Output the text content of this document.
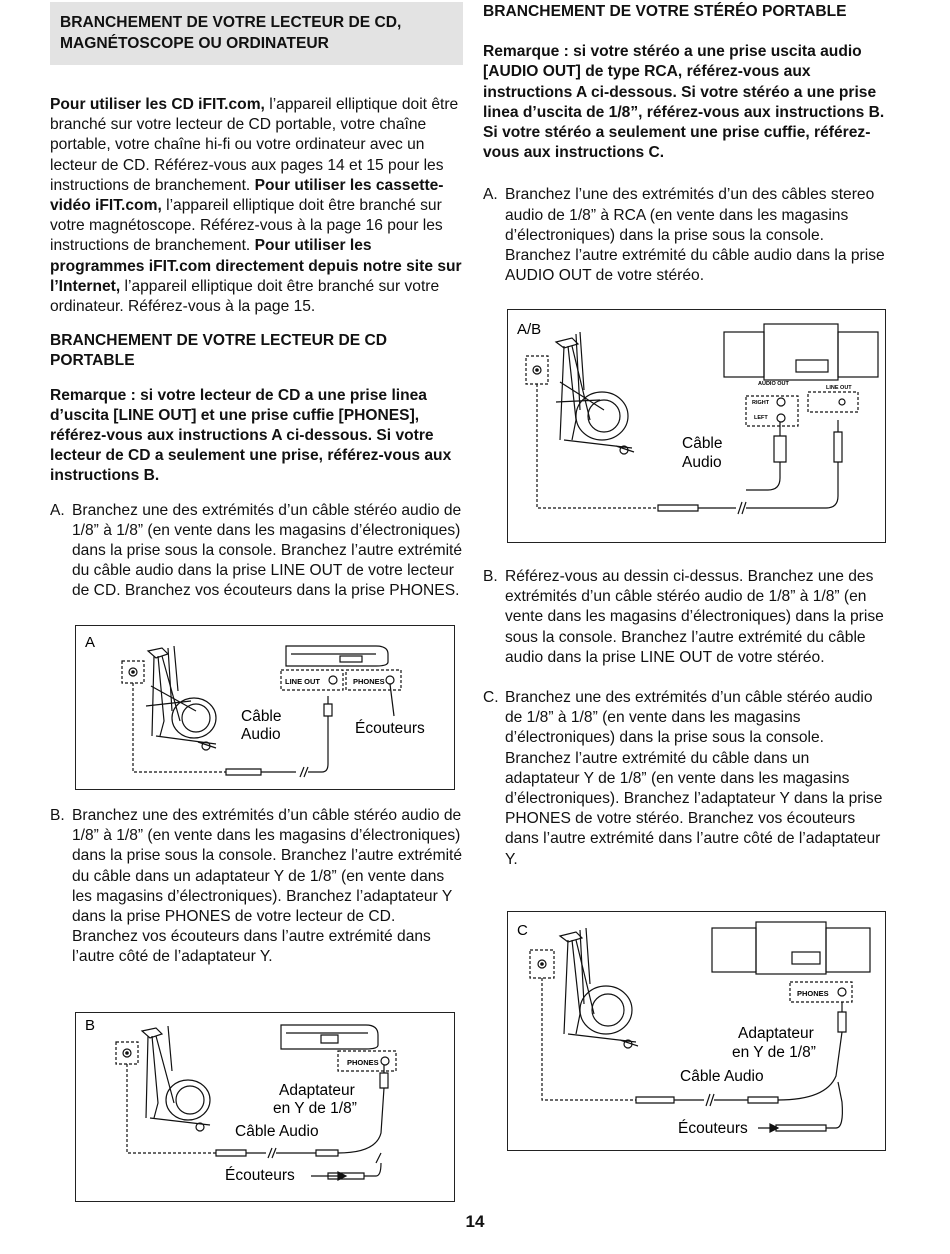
BRANCHEMENT DE VOTRE LECTEUR DE CD, MAGNÉTOSCOPE OU ORDINATEUR

Pour utiliser les CD iFIT.com, l’appareil elliptique doit être branché sur votre lecteur de CD portable, votre chaîne portable, votre chaîne hi-fi ou votre ordinateur avec un lecteur de CD. Référez-vous aux pages 14 et 15 pour les instructions de branchement. Pour utiliser les cassette-vidéo iFIT.com, l’appareil elliptique doit être branché sur votre magnétoscope. Référez-vous à la page 16 pour les instructions de branchement. Pour utiliser les programmes iFIT.com directement depuis notre site sur l’Internet, l’appareil elliptique doit être branché sur votre ordinateur. Référez-vous à la page 15.

BRANCHEMENT DE VOTRE LECTEUR DE CD PORTABLE

Remarque : si votre lecteur de CD a une prise linea d’uscita [LINE OUT] et une prise cuffie [PHONES], référez-vous aux instructions A ci-dessous. Si votre lecteur de CD a seulement une prise, référez-vous aux instructions B.

A. Branchez une des extrémités d’un câble stéréo audio de 1/8” à 1/8” (en vente dans les magasins d’électroniques) dans la prise sous la console. Branchez l’autre extrémité du câble audio dans la prise LINE OUT de votre lecteur de CD. Branchez vos écouteurs dans la prise PHONES.
B. Branchez une des extrémités d’un câble stéréo audio de 1/8” à 1/8” (en vente dans les magasins d’électroniques) dans la prise sous la console. Branchez l’autre extrémité du câble dans un adaptateur Y de 1/8” (en vente dans les magasins d’électroniques). Branchez l’adaptateur Y dans la prise PHONES de votre lecteur de CD. Branchez vos écouteurs dans l’autre extrémité dans l’autre côté de l’adaptateur Y.

BRANCHEMENT DE VOTRE STÉRÉO PORTABLE

Remarque : si votre stéréo a une prise uscita audio [AUDIO OUT] de type RCA, référez-vous aux instructions A ci-dessous. Si votre stéréo a une prise linea d’uscita de 1/8”, référez-vous aux instructions B. Si votre stéréo a seulement une prise cuffie, référez-vous aux instructions C.

A. Branchez l’une des extrémités d’un des câbles stereo audio de 1/8” à RCA (en vente dans les magasins d’électroniques) dans la prise sous la console. Branchez l’autre extrémité du câble audio dans la prise AUDIO OUT de votre stéréo.
B. Référez-vous au dessin ci-dessus. Branchez une des extrémités d’un câble stéréo audio de 1/8” à 1/8” (en vente dans les magasins d’électroniques) dans la prise sous la console. Branchez l’autre extrémité du câble audio dans la prise LINE OUT de votre stéréo.
C. Branchez une des extrémités d’un câble stéréo audio de 1/8” à 1/8” (en vente dans les magasins d’électroniques) dans la prise sous la console. Branchez l’autre extrémité du câble dans un adaptateur Y de 1/8” (en vente dans les magasins d’électroniques). Branchez l’adaptateur Y dans la prise PHONES de votre stéréo. Branchez vos écouteurs dans l’autre extrémité dans l’autre côté de l’adaptateur Y.
A
LINE OUT	PHONES
Câble
Audio	Écouteurs
B
PHONES
Adaptateur
en Y de 1/8”
Câble Audio
Écouteurs
A/B
AUDIO OUT
RIGHT
LEFT
LINE OUT
Câble
Audio
C
PHONES
Adaptateur
en Y de 1/8”
Câble Audio
Écouteurs
14
